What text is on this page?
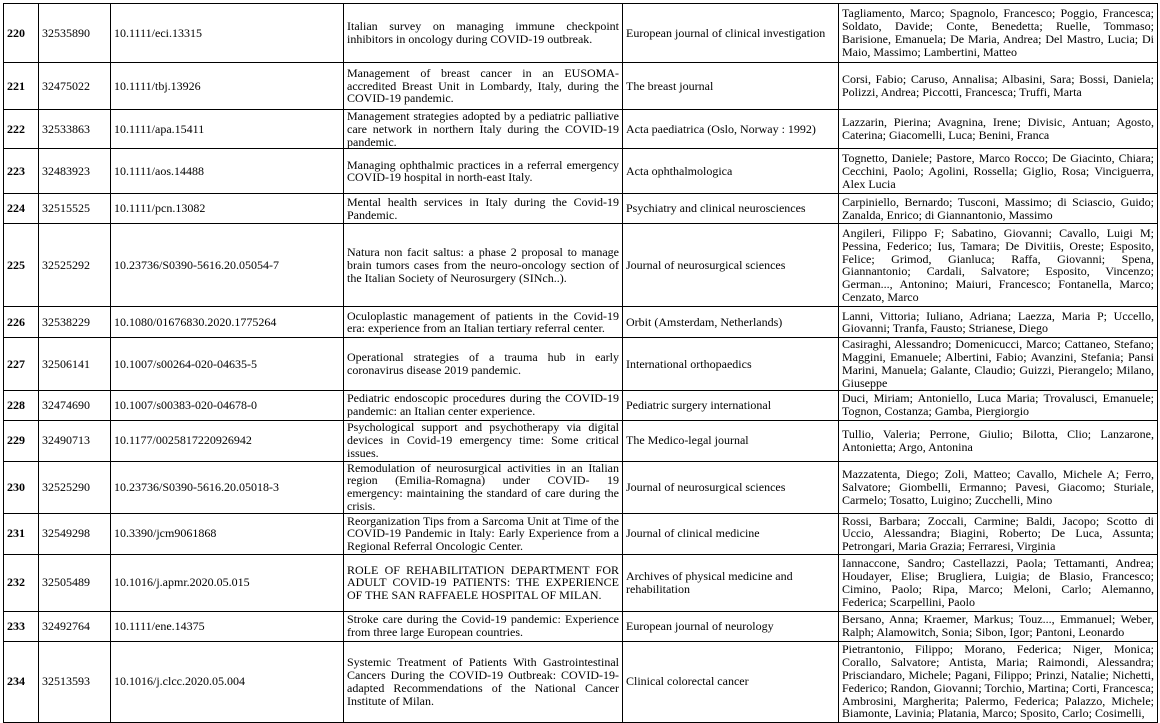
220	32535890	10.1111/eci.13315	Italian survey on managing immune checkpoint inhibitors in oncology during COVID-19 outbreak.	European journal of clinical investigation	Tagliamento, Marco; Spagnolo, Francesco; Poggio, Francesca; Soldato, Davide; Conte, Benedetta; Ruelle, Tommaso; Barisione, Emanuela; De Maria, Andrea; Del Mastro, Lucia; Di Maio, Massimo; Lambertini, Matteo

221	32475022	10.1111/tbj.13926	Management of breast cancer in an EUSOMA-accredited Breast Unit in Lombardy, Italy, during the COVID-19 pandemic.	The breast journal	Corsi, Fabio; Caruso, Annalisa; Albasini, Sara; Bossi, Daniela; Polizzi, Andrea; Piccotti, Francesca; Truffi, Marta

222	32533863	10.1111/apa.15411	Management strategies adopted by a pediatric palliative care network in northern Italy during the COVID-19 pandemic.	Acta paediatrica (Oslo, Norway : 1992)	Lazzarin, Pierina; Avagnina, Irene; Divisic, Antuan; Agosto, Caterina; Giacomelli, Luca; Benini, Franca

223	32483923	10.1111/aos.14488	Managing ophthalmic practices in a referral emergency COVID-19 hospital in north-east Italy.	Acta ophthalmologica	Tognetto, Daniele; Pastore, Marco Rocco; De Giacinto, Chiara; Cecchini, Paolo; Agolini, Rossella; Giglio, Rosa; Vinciguerra, Alex Lucia

224	32515525	10.1111/pcn.13082	Mental health services in Italy during the Covid-19 Pandemic.	Psychiatry and clinical neurosciences	Carpiniello, Bernardo; Tusconi, Massimo; di Sciascio, Guido; Zanalda, Enrico; di Giannantonio, Massimo

225	32525292	10.23736/S0390-5616.20.05054-7	Natura non facit saltus: a phase 2 proposal to manage brain tumors cases from the neuro-oncology section of the Italian Society of Neurosurgery (SINch..).	Journal of neurosurgical sciences	Angileri, Filippo F; Sabatino, Giovanni; Cavallo, Luigi M; Pessina, Federico; Ius, Tamara; De Divitiis, Oreste; Esposito, Felice; Grimod, Gianluca; Raffa, Giovanni; Spena, Giannantonio; Cardali, Salvatore; Esposito, Vincenzo; German..., Antonino; Maiuri, Francesco; Fontanella, Marco; Cenzato, Marco

226	32538229	10.1080/01676830.2020.1775264	Oculoplastic management of patients in the Covid-19 era: experience from an Italian tertiary referral center.	Orbit (Amsterdam, Netherlands)	Lanni, Vittoria; Iuliano, Adriana; Laezza, Maria P; Uccello, Giovanni; Tranfa, Fausto; Strianese, Diego

227	32506141	10.1007/s00264-020-04635-5	Operational strategies of a trauma hub in early coronavirus disease 2019 pandemic.	International orthopaedics	Casiraghi, Alessandro; Domenicucci, Marco; Cattaneo, Stefano; Maggini, Emanuele; Albertini, Fabio; Avanzini, Stefania; Pansi Marini, Manuela; Galante, Claudio; Guizzi, Pierangelo; Milano, Giuseppe

228	32474690	10.1007/s00383-020-04678-0	Pediatric endoscopic procedures during the COVID-19 pandemic: an Italian center experience.	Pediatric surgery international	Duci, Miriam; Antoniello, Luca Maria; Trovalusci, Emanuele; Tognon, Costanza; Gamba, Piergiorgio

229	32490713	10.1177/0025817220926942	Psychological support and psychotherapy via digital devices in Covid-19 emergency time: Some critical issues.	The Medico-legal journal	Tullio, Valeria; Perrone, Giulio; Bilotta, Clio; Lanzarone, Antonietta; Argo, Antonina

230	32525290	10.23736/S0390-5616.20.05018-3	Remodulation of neurosurgical activities in an Italian region (Emilia-Romagna) under COVID- 19 emergency: maintaining the standard of care during the crisis.	Journal of neurosurgical sciences	Mazzatenta, Diego; Zoli, Matteo; Cavallo, Michele A; Ferro, Salvatore; Giombelli, Ermanno; Pavesi, Giacomo; Sturiale, Carmelo; Tosatto, Luigino; Zucchelli, Mino

231	32549298	10.3390/jcm9061868	Reorganization Tips from a Sarcoma Unit at Time of the COVID-19 Pandemic in Italy: Early Experience from a Regional Referral Oncologic Center.	Journal of clinical medicine	Rossi, Barbara; Zoccali, Carmine; Baldi, Jacopo; Scotto di Uccio, Alessandra; Biagini, Roberto; De Luca, Assunta; Petrongari, Maria Grazia; Ferraresi, Virginia

232	32505489	10.1016/j.apmr.2020.05.015	ROLE OF REHABILITATION DEPARTMENT FOR ADULT COVID-19 PATIENTS: THE EXPERIENCE OF THE SAN RAFFAELE HOSPITAL OF MILAN.	Archives of physical medicine and rehabilitation	Iannaccone, Sandro; Castellazzi, Paola; Tettamanti, Andrea; Houdayer, Elise; Brugliera, Luigia; de Blasio, Francesco; Cimino, Paolo; Ripa, Marco; Meloni, Carlo; Alemanno, Federica; Scarpellini, Paolo

233	32492764	10.1111/ene.14375	Stroke care during the Covid-19 pandemic: Experience from three large European countries.	European journal of neurology	Bersano, Anna; Kraemer, Markus; Touz..., Emmanuel; Weber, Ralph; Alamowitch, Sonia; Sibon, Igor; Pantoni, Leonardo

234	32513593	10.1016/j.clcc.2020.05.004	Systemic Treatment of Patients With Gastrointestinal Cancers During the COVID-19 Outbreak: COVID-19-adapted Recommendations of the National Cancer Institute of Milan.	Clinical colorectal cancer	Pietrantonio, Filippo; Morano, Federica; Niger, Monica; Corallo, Salvatore; Antista, Maria; Raimondi, Alessandra; Prisciandaro, Michele; Pagani, Filippo; Prinzi, Natalie; Nichetti, Federico; Randon, Giovanni; Torchio, Martina; Corti, Francesca; Ambrosini, Margherita; Palermo, Federica; Palazzo, Michele; Biamonte, Lavinia; Platania, Marco; Sposito, Carlo; Cosimelli,
